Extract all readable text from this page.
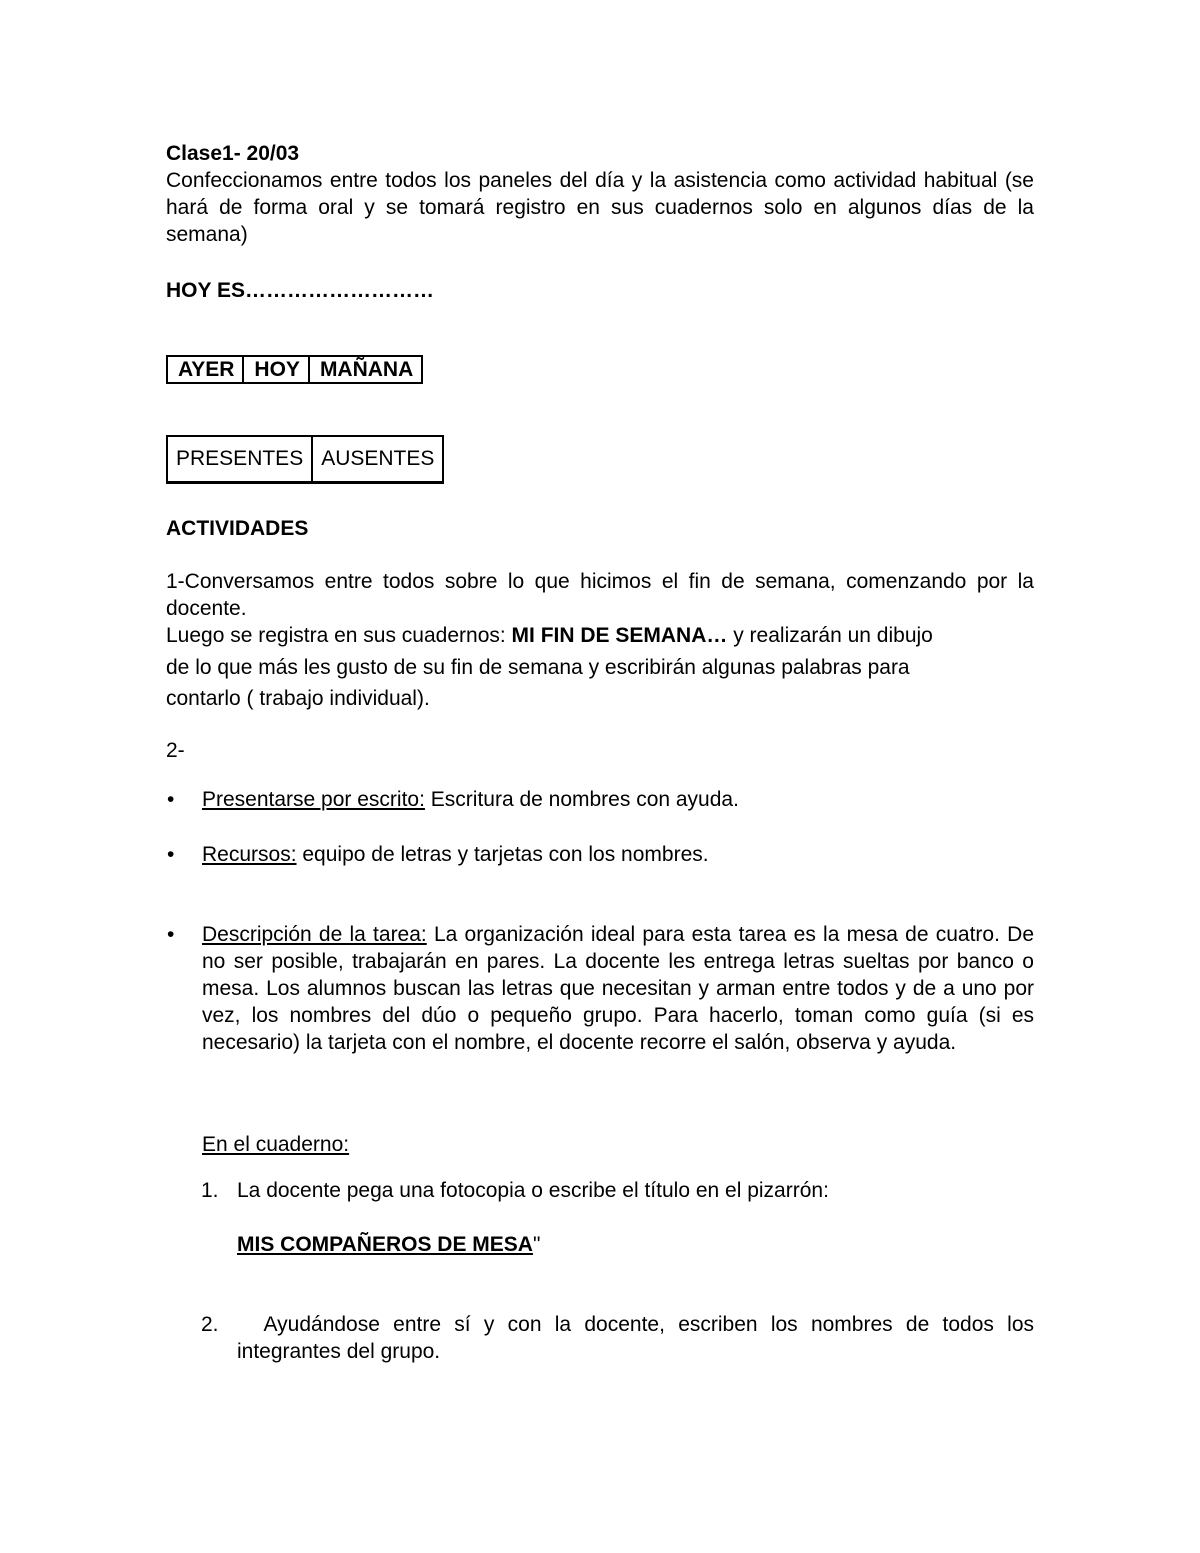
Clase1- 20/03
Confeccionamos entre todos los paneles del día y la asistencia como actividad habitual (se hará de forma oral y se tomará registro en sus cuadernos solo en algunos días de la semana)
HOY ES………………………
AYER	HOY	MAÑANA
PRESENTES	AUSENTES
ACTIVIDADES
1-Conversamos entre todos sobre lo que hicimos el fin de semana, comenzando por la docente.
Luego se registra en sus cuadernos: MI FIN DE SEMANA… y realizarán un dibujo
de lo que más les gusto de su fin de semana y escribirán algunas palabras para
contarlo ( trabajo individual).
2-
• Presentarse por escrito: Escritura de nombres con ayuda.
• Recursos: equipo de letras y tarjetas con los nombres.
• Descripción de la tarea: La organización ideal para esta tarea es la mesa de cuatro. De no ser posible, trabajarán en pares. La docente les entrega letras sueltas por banco o mesa. Los alumnos buscan las letras que necesitan y arman entre todos y de a uno por vez, los nombres del dúo o pequeño grupo. Para hacerlo, toman como guía (si es necesario) la tarjeta con el nombre, el docente recorre el salón, observa y ayuda.
En el cuaderno:
1. La docente pega una fotocopia o escribe el título en el pizarrón:
MIS COMPAÑEROS DE MESA"
2. Ayudándose entre sí y con la docente, escriben los nombres de todos los integrantes del grupo.
